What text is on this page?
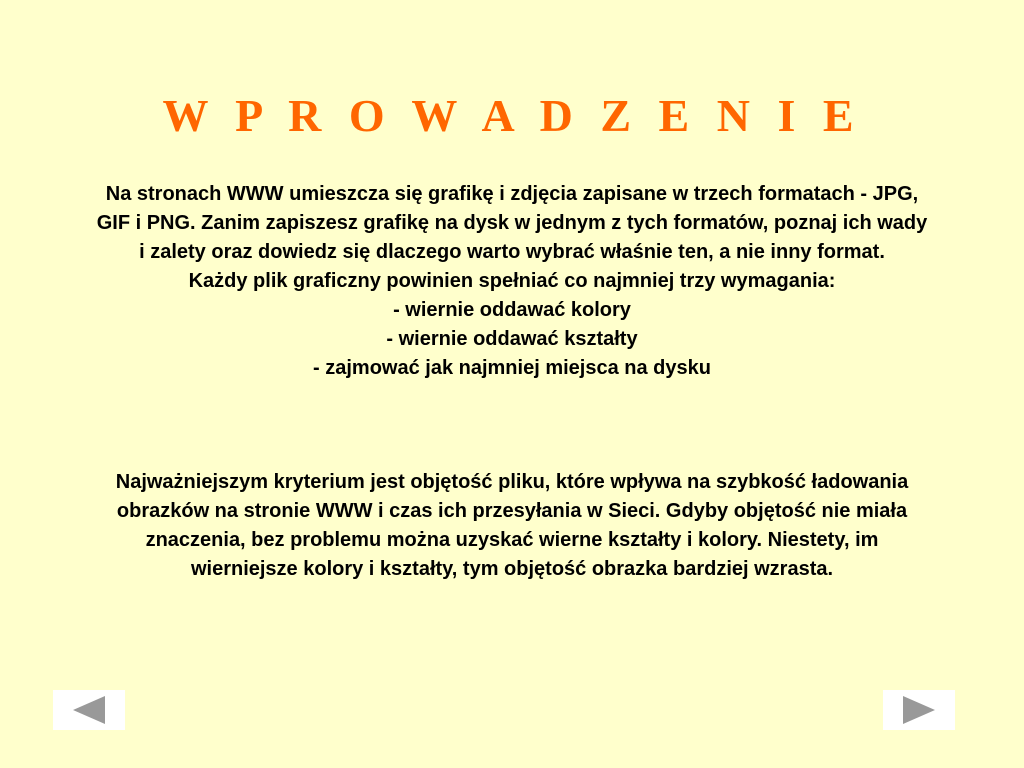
W P R O W A D Z E N I E
Na stronach WWW umieszcza się grafikę i zdjęcia zapisane w trzech formatach - JPG, GIF i PNG. Zanim zapiszesz grafikę na dysk w jednym z tych formatów, poznaj ich wady i zalety oraz dowiedz się dlaczego warto wybrać właśnie ten, a nie inny format.
Każdy plik graficzny powinien spełniać co najmniej trzy wymagania:
- wiernie oddawać kolory
- wiernie oddawać kształty
- zajmować jak najmniej miejsca na dysku
Najważniejszym kryterium jest objętość pliku, które wpływa na szybkość ładowania obrazków na stronie WWW i czas ich przesyłania w Sieci. Gdyby objętość nie miała znaczenia, bez problemu można uzyskać wierne kształty i kolory. Niestety, im wierniejsze kolory i kształty, tym objętość obrazka bardziej wzrasta.
